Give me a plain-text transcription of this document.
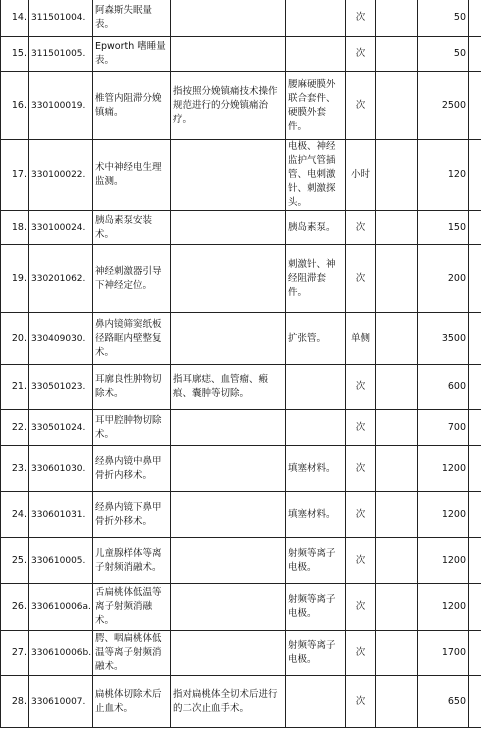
14.	311501004.	阿森斯失眠量表。			次		50	
15.	311501005.	Epworth 嗜睡量表。			次		50	
16.	330100019.	椎管内阻滞分娩镇痛。	指按照分娩镇痛技术操作规范进行的分娩镇痛治疗。	腰麻硬膜外联合套件、硬膜外套件。	次		2500	
17.	330100022.	术中神经电生理监测。		电极、神经监护气管插管、电刺激针、刺激探头。	小时		120	
18.	330100024.	胰岛素泵安装术。		胰岛素泵。	次		150	
19.	330201062.	神经刺激器引导下神经定位。		刺激针、神经阻滞套件。	次		200	
20.	330409030.	鼻内镜筛窦纸板径路眶内壁整复术。		扩张管。	单侧		3500	
21.	330501023.	耳廓良性肿物切除术。	指耳廓痣、血管瘤、瘢痕、囊肿等切除。		次		600	
22.	330501024.	耳甲腔肿物切除术。			次		700	
23.	330601030.	经鼻内镜中鼻甲骨折内移术。		填塞材料。	次		1200	
24.	330601031.	经鼻内镜下鼻甲骨折外移术。		填塞材料。	次		1200	
25.	330610005.	儿童腺样体等离子射频消融术。		射频等离子电极。	次		1200	
26.	330610006a.	舌扁桃体低温等离子射频消融术。		射频等离子电极。	次		1200	
27.	330610006b.	腭、咽扁桃体低温等离子射频消融术。		射频等离子电极。	次		1700	
28.	330610007.	扁桃体切除术后止血术。	指对扁桃体全切术后进行的二次止血手术。		次		650	
